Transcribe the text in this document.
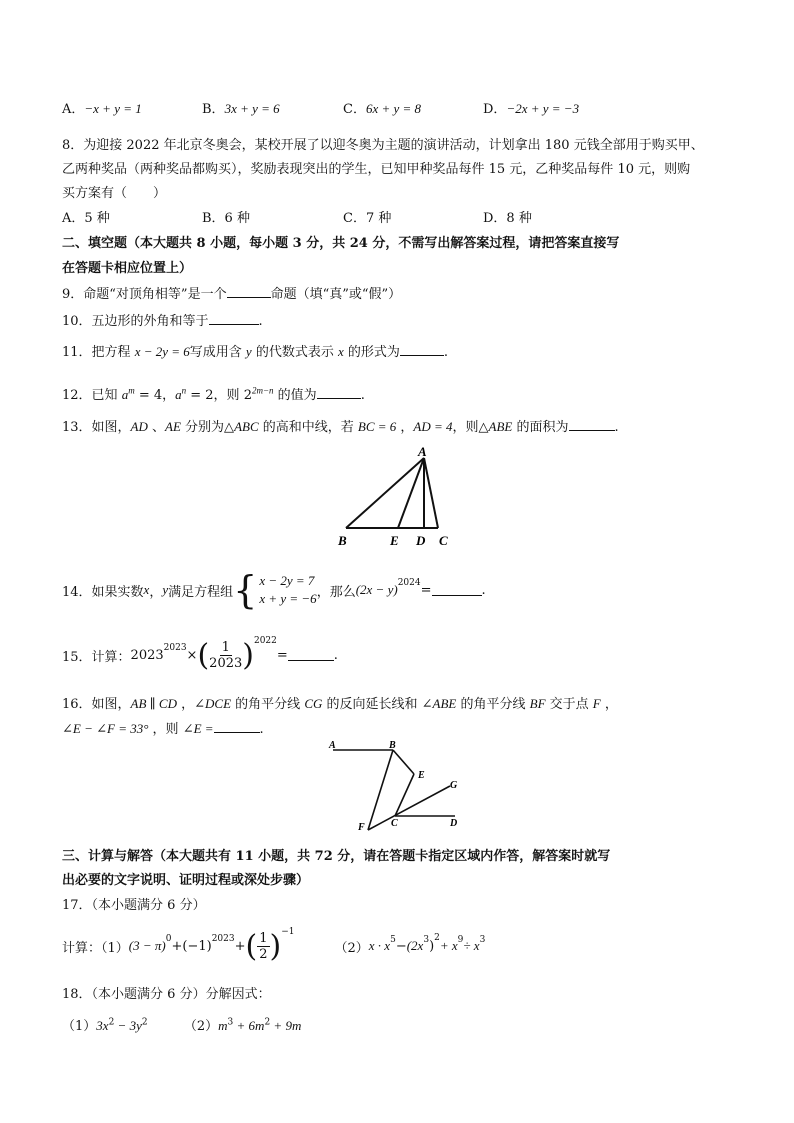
A．−x + y = 1	B．3x + y = 6	C．6x + y = 8	D．−2x + y = −3
8．为迎接 2022 年北京冬奥会，某校开展了以迎冬奥为主题的演讲活动，计划拿出 180 元钱全部用于购买甲、
乙两种奖品（两种奖品都购买），奖励表现突出的学生，已知甲种奖品每件 15 元，乙种奖品每件 10 元，则购
买方案有（　　）
A．5 种	B．6 种	C．7 种	D．8 种
二、填空题（本大题共 8 小题，每小题 3 分，共 24 分，不需写出解答案过程，请把答案直接写
在答题卡相应位置上）
9．命题“对顶角相等”是一个	命题（填“真”或“假”）
10．五边形的外角和等于	.
11．把方程 x − 2y = 6写成用含 y 的代数式表示 x 的形式为	.
12．已知 $a^m = 4$，$a^n = 2$，则 $2^{2m-n}$ 的值为	.
13．如图，AD 、AE 分别为△ABC 的高和中线，若 BC = 6 ，AD = 4，则△ABE 的面积为	.
A
B	E D C
14．如果实数 x ， y 满足方程组 { x − 2y = 7
x + y = −6 ，那么 $(2x - y)^{2024}$ =	.
15．计算： $2023^{2023}$ × ( $\frac{1}{2023} )^{2022}$
=	.
16．如图，AB ∥ CD ，∠DCE 的角平分线 CG 的反向延长线和 ∠ABE 的角平分线 BF 交于点 F ，
∠E − ∠F = 33° ，则 ∠E =	.
A	B
E
G
F	C	D
三、计算与解答（本大题共有 11 小题，共 72 分，请在答题卡指定区域内作答，解答案时就写
出必要的文字说明、证明过程或深处步骤）
17．（本小题满分 6 分）
计算：（1） $(3 - \pi)^0 + (-1)^{2023}$ + ( $\frac{1}{2} )^{-1}$
（2） $x \cdot x^5 - (2x^3$ )
$^2 + x^9 \div x^3$
18．（本小题满分 6 分）分解因式：
$(1)3x^2 - 3y^2$	$(2)m^3 + 6m^2 + 9m$
